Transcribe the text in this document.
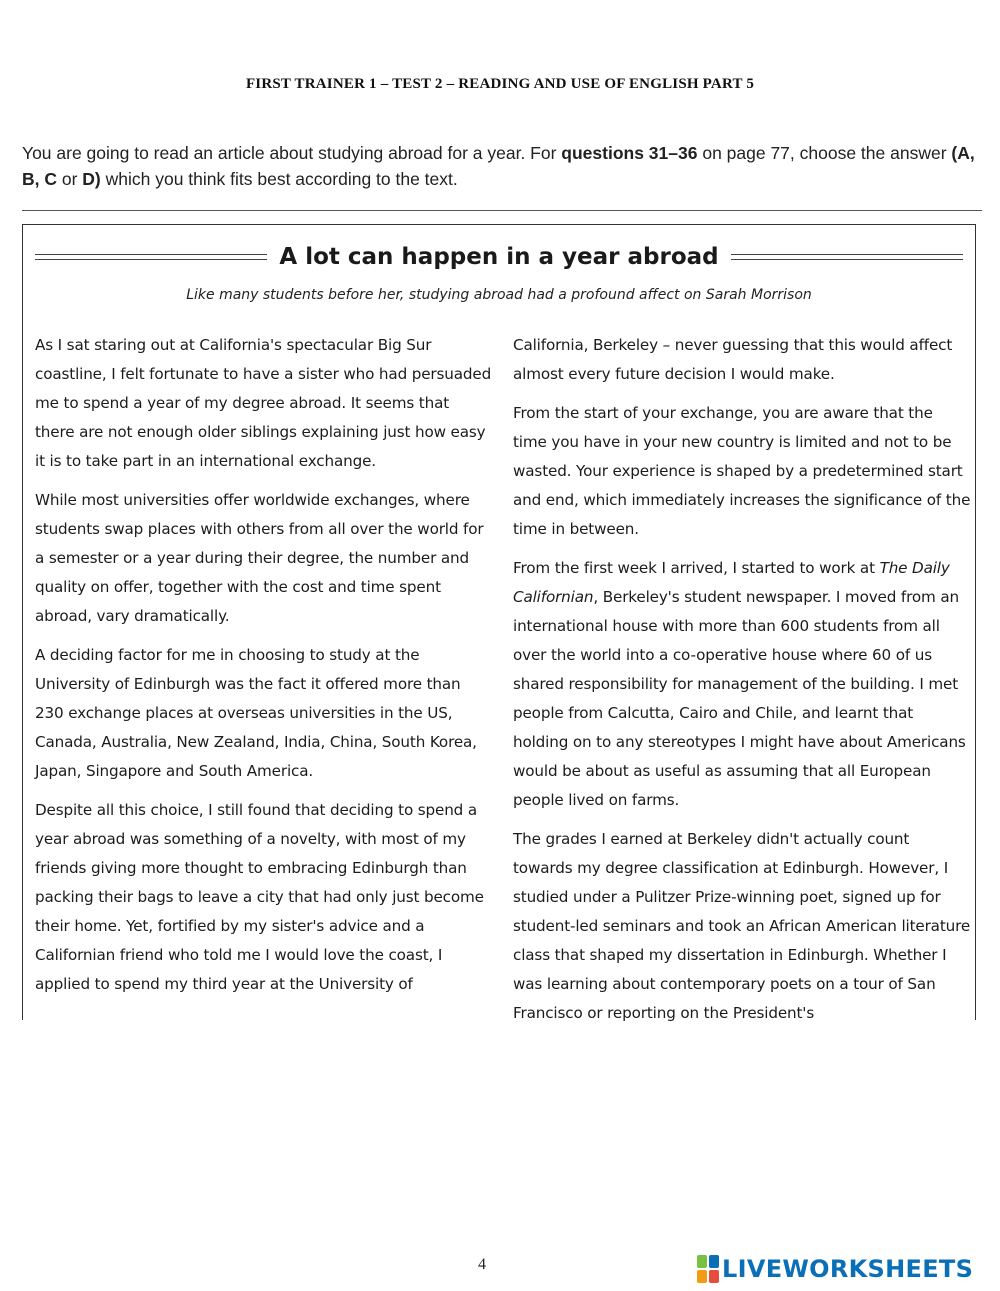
FIRST TRAINER 1 – TEST 2 – READING AND USE OF ENGLISH PART 5
You are going to read an article about studying abroad for a year. For questions 31–36 on page 77, choose the answer (A, B, C or D) which you think fits best according to the text.
A lot can happen in a year abroad
Like many students before her, studying abroad had a profound affect on Sarah Morrison

As I sat staring out at California's spectacular Big Sur coastline, I felt fortunate to have a sister who had persuaded me to spend a year of my degree abroad. It seems that there are not enough older siblings explaining just how easy it is to take part in an international exchange.

While most universities offer worldwide exchanges, where students swap places with others from all over the world for a semester or a year during their degree, the number and quality on offer, together with the cost and time spent abroad, vary dramatically.

A deciding factor for me in choosing to study at the University of Edinburgh was the fact it offered more than 230 exchange places at overseas universities in the US, Canada, Australia, New Zealand, India, China, South Korea, Japan, Singapore and South America.

Despite all this choice, I still found that deciding to spend a year abroad was something of a novelty, with most of my friends giving more thought to embracing Edinburgh than packing their bags to leave a city that had only just become their home. Yet, fortified by my sister's advice and a Californian friend who told me I would love the coast, I applied to spend my third year at the University of

California, Berkeley – never guessing that this would affect almost every future decision I would make.

From the start of your exchange, you are aware that the time you have in your new country is limited and not to be wasted. Your experience is shaped by a predetermined start and end, which immediately increases the significance of the time in between.

From the first week I arrived, I started to work at The Daily Californian, Berkeley's student newspaper. I moved from an international house with more than 600 students from all over the world into a co-operative house where 60 of us shared responsibility for management of the building. I met people from Calcutta, Cairo and Chile, and learnt that holding on to any stereotypes I might have about Americans would be about as useful as assuming that all European people lived on farms.

The grades I earned at Berkeley didn't actually count towards my degree classification at Edinburgh. However, I studied under a Pulitzer Prize-winning poet, signed up for student-led seminars and took an African American literature class that shaped my dissertation in Edinburgh. Whether I was learning about contemporary poets on a tour of San Francisco or reporting on the President's

4	LIVEWORKSHEETS
